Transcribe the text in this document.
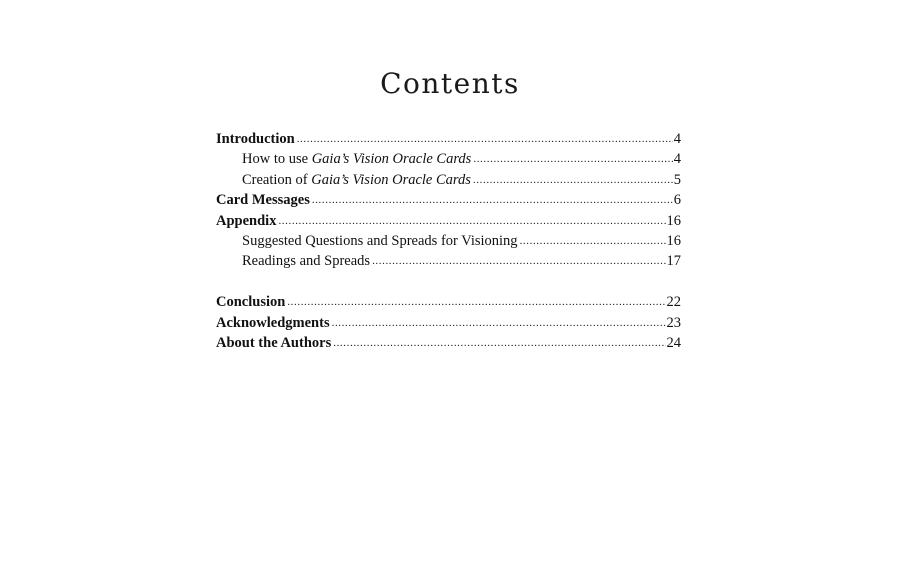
Contents
Introduction .....	4
How to use Gaia’s Vision Oracle Cards .....	4
Creation of Gaia’s Vision Oracle Cards .....	5
Card Messages .....	6
Appendix .....	16
Suggested Questions and Spreads for Visioning .....	16
Readings and Spreads .....	17
Conclusion .....	22
Acknowledgments .....	23
About the Authors .....	24
